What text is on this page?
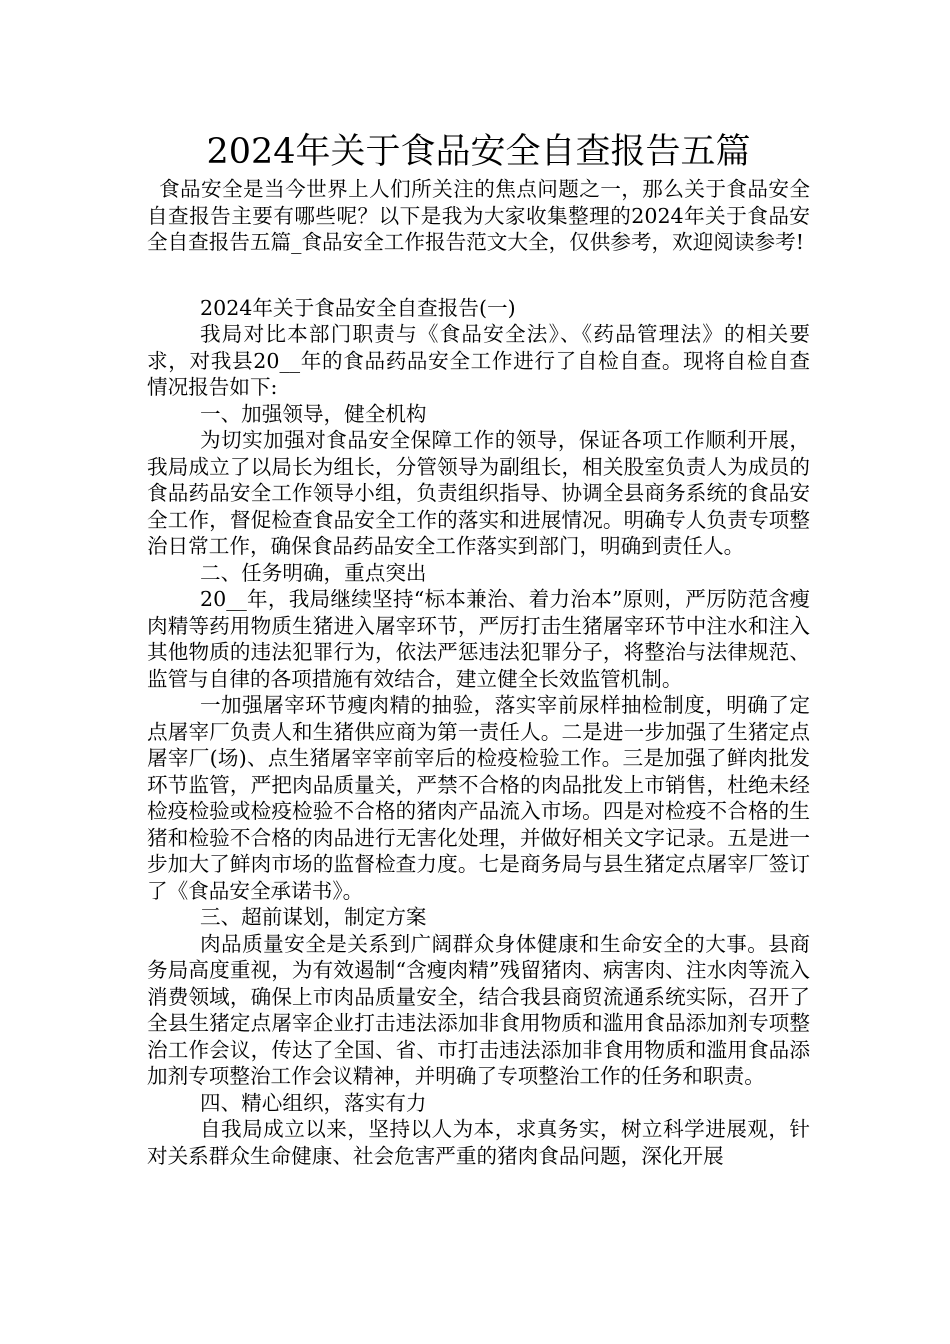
2024年关于食品安全自查报告五篇

食品安全是当今世界上人们所关注的焦点问题之一，那么关于食品安全自查报告主要有哪些呢？以下是我为大家收集整理的2024年关于食品安全自查报告五篇_食品安全工作报告范文大全，仅供参考，欢迎阅读参考!

2024年关于食品安全自查报告(一)

我局对比本部门职责与《食品安全法》、《药品管理法》的相关要求，对我县20__年的食品药品安全工作进行了自检自查。现将自检自查情况报告如下:

一、加强领导，健全机构

为切实加强对食品安全保障工作的领导，保证各项工作顺利开展，我局成立了以局长为组长，分管领导为副组长，相关股室负责人为成员的食品药品安全工作领导小组，负责组织指导、协调全县商务系统的食品安全工作，督促检查食品安全工作的落实和进展情况。明确专人负责专项整治日常工作，确保食品药品安全工作落实到部门，明确到责任人。

二、任务明确，重点突出

20__年，我局继续坚持“标本兼治、着力治本”原则，严厉防范含瘦肉精等药用物质生猪进入屠宰环节，严厉打击生猪屠宰环节中注水和注入其他物质的违法犯罪行为，依法严惩违法犯罪分子，将整治与法律规范、监管与自律的各项措施有效结合，建立健全长效监管机制。

一加强屠宰环节瘦肉精的抽验，落实宰前尿样抽检制度，明确了定点屠宰厂负责人和生猪供应商为第一责任人。二是进一步加强了生猪定点屠宰厂(场)、点生猪屠宰宰前宰后的检疫检验工作。三是加强了鲜肉批发环节监管，严把肉品质量关，严禁不合格的肉品批发上市销售，杜绝未经检疫检验或检疫检验不合格的猪肉产品流入市场。四是对检疫不合格的生猪和检验不合格的肉品进行无害化处理，并做好相关文字记录。五是进一步加大了鲜肉市场的监督检查力度。七是商务局与县生猪定点屠宰厂签订了《食品安全承诺书》。

三、超前谋划，制定方案

肉品质量安全是关系到广阔群众身体健康和生命安全的大事。县商务局高度重视，为有效遏制“含瘦肉精”残留猪肉、病害肉、注水肉等流入消费领域，确保上市肉品质量安全，结合我县商贸流通系统实际，召开了全县生猪定点屠宰企业打击违法添加非食用物质和滥用食品添加剂专项整治工作会议，传达了全国、省、市打击违法添加非食用物质和滥用食品添加剂专项整治工作会议精神，并明确了专项整治工作的任务和职责。

四、精心组织，落实有力

自我局成立以来，坚持以人为本，求真务实，树立科学进展观，针对关系群众生命健康、社会危害严重的猪肉食品问题，深化开展
